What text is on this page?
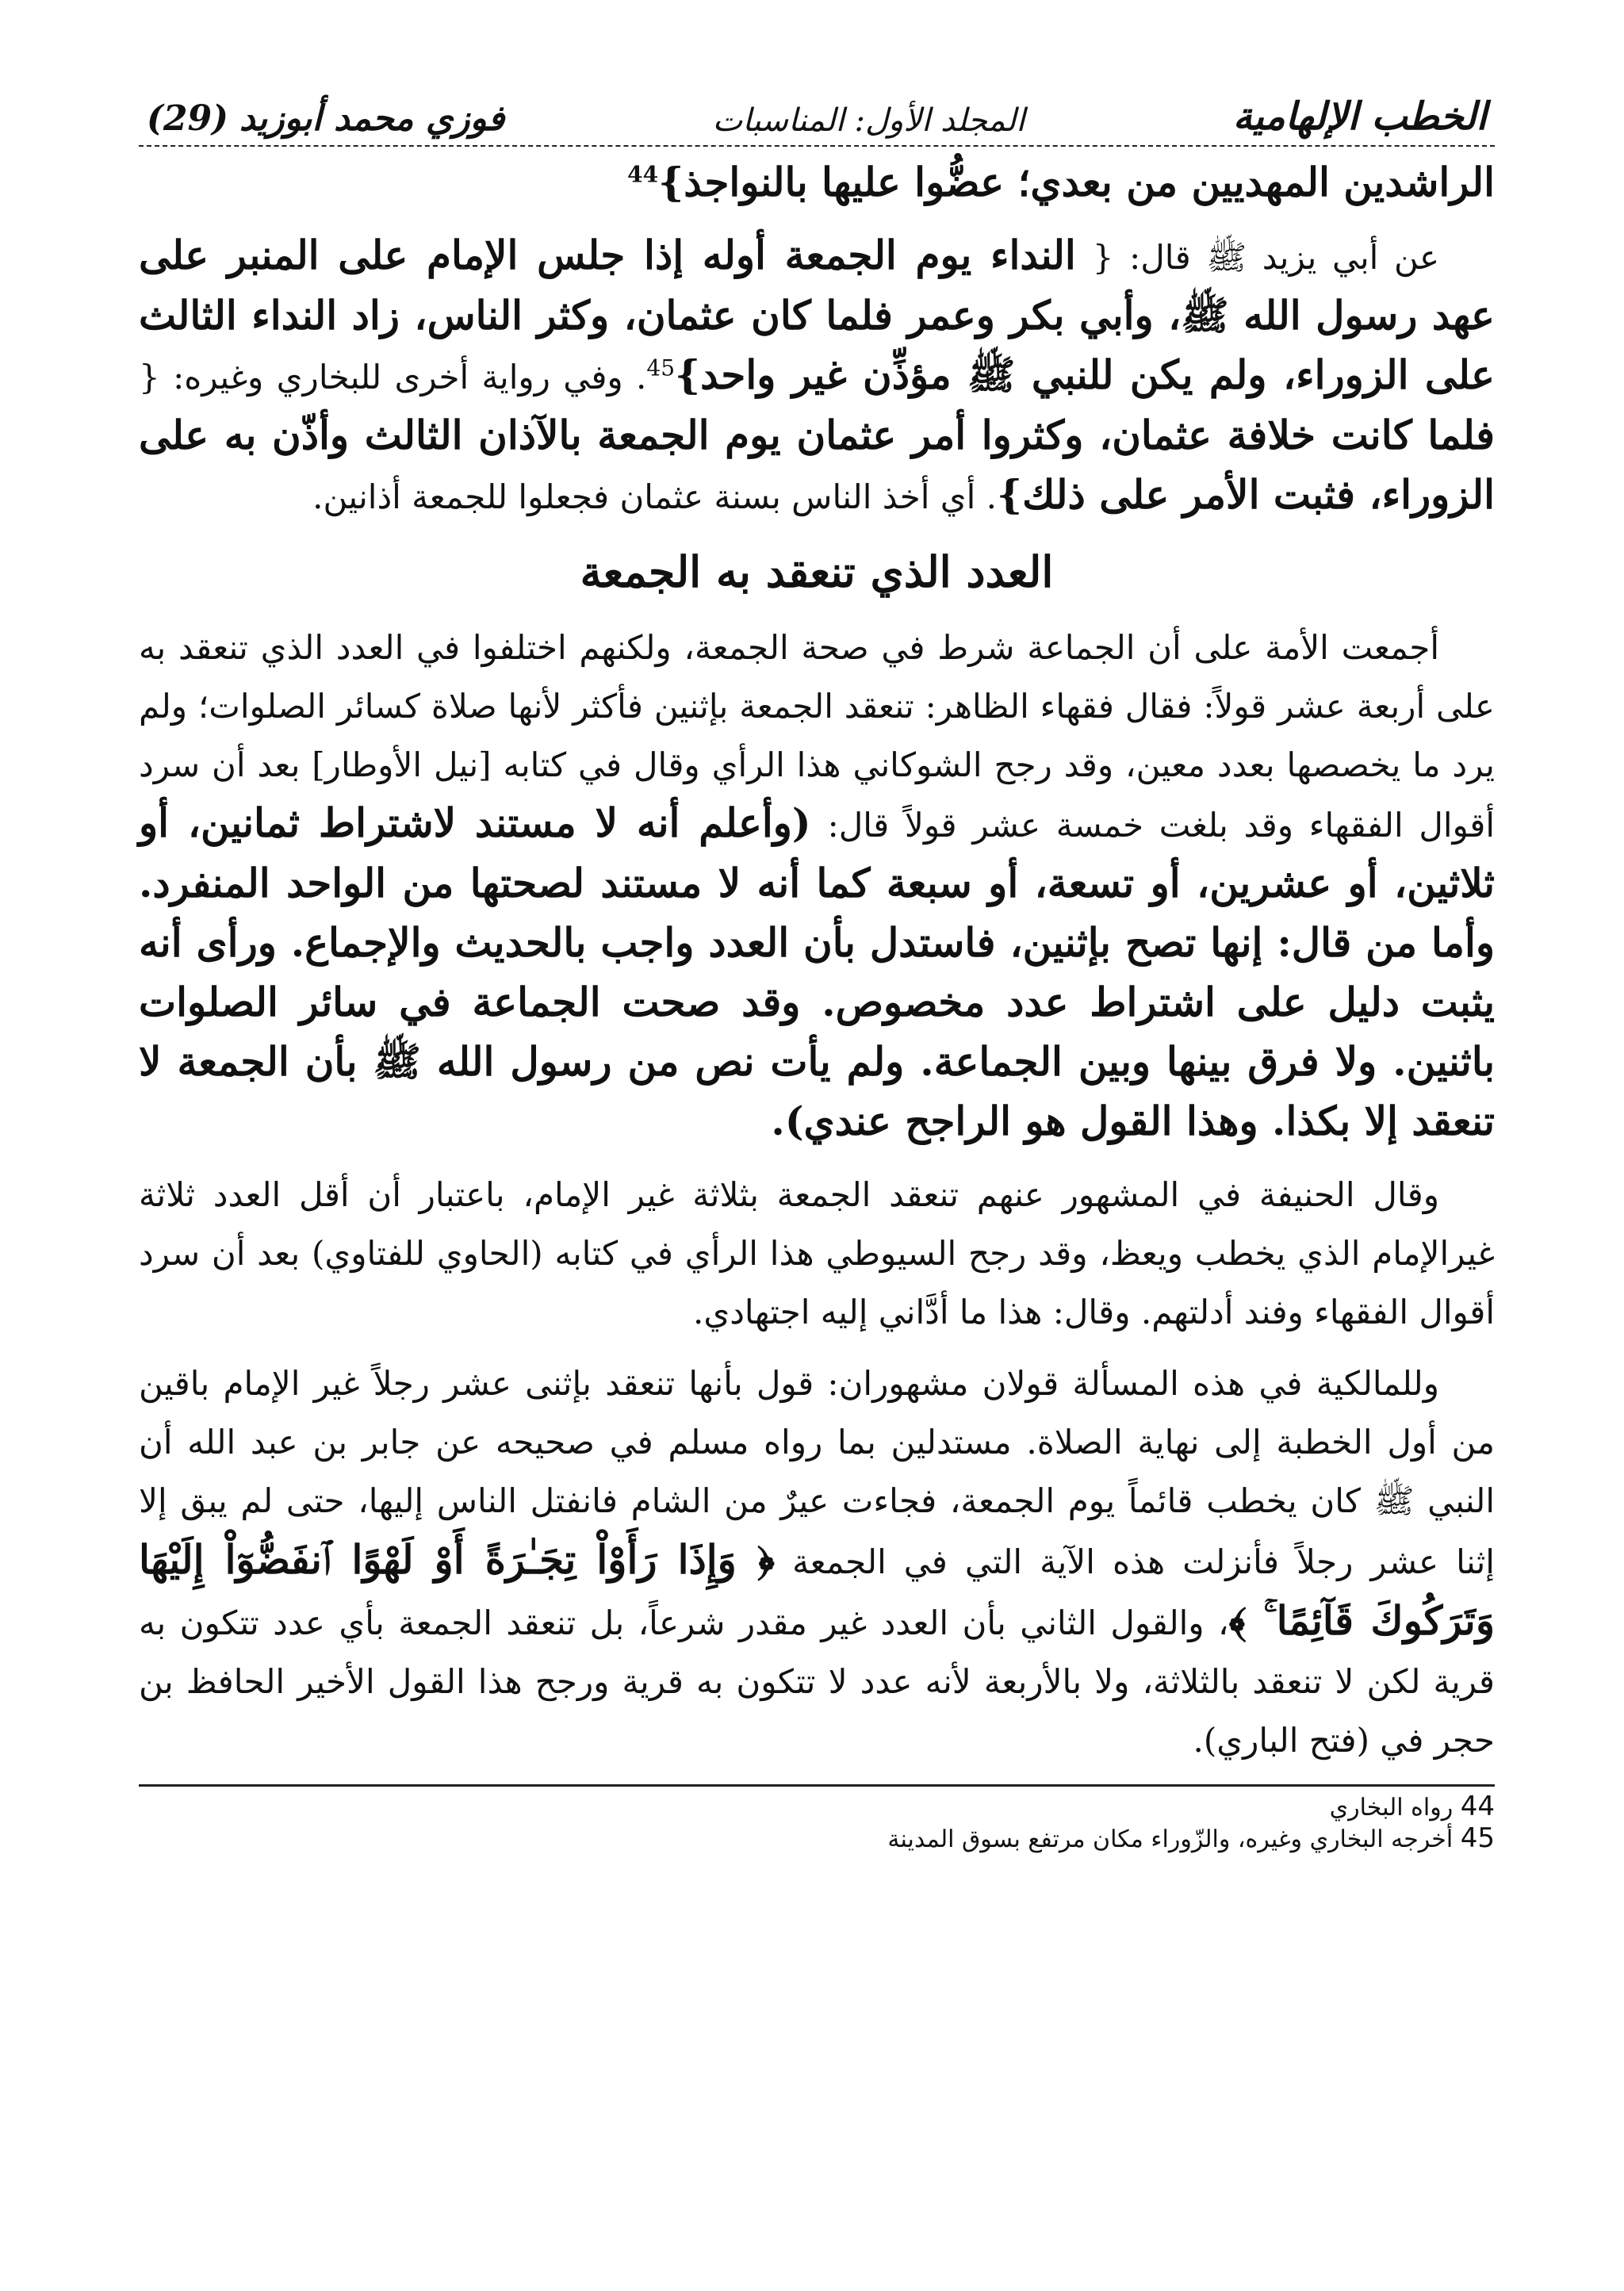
الخطب الإلهامية
المجلد الأول: المناسبات
فوزي محمد أبوزيد
(29)

الراشدين المهديين من بعدي؛ عضُّوا عليها بالنواجذ}$^{44}$

عن أبي يزيد ﷺ قال: { النداء يوم الجمعة أوله إذا جلس الإمام على المنبر على عهد رسول الله ﷺ، وأبي بكر وعمر فلما كان عثمان، وكثر الناس، زاد النداء الثالث على الزوراء، ولم يكن للنبي ﷺ مؤذِّن غير واحد}$^{45}$. وفي رواية أخرى للبخاري وغيره: { فلما كانت خلافة عثمان، وكثروا أمر عثمان يوم الجمعة بالآذان الثالث وأذّن به على الزوراء، فثبت الأمر على ذلك}. أي أخذ الناس بسنة عثمان فجعلوا للجمعة أذانين.

العدد الذي تنعقد به الجمعة

أجمعت الأمة على أن الجماعة شرط في صحة الجمعة، ولكنهم اختلفوا في العدد الذي تنعقد به على أربعة عشر قولاً: فقال فقهاء الظاهر: تنعقد الجمعة بإثنين فأكثر لأنها صلاة كسائر الصلوات؛ ولم يرد ما يخصصها بعدد معين، وقد رجح الشوكاني هذا الرأي وقال في كتابه [نيل الأوطار] بعد أن سرد أقوال الفقهاء وقد بلغت خمسة عشر قولاً قال: (وأعلم أنه لا مستند لاشتراط ثمانين، أو ثلاثين، أو عشرين، أو تسعة، أو سبعة كما أنه لا مستند لصحتها من الواحد المنفرد. وأما من قال: إنها تصح بإثنين، فاستدل بأن العدد واجب بالحديث والإجماع. ورأى أنه يثبت دليل على اشتراط عدد مخصوص. وقد صحت الجماعة في سائر الصلوات باثنين. ولا فرق بينها وبين الجماعة. ولم يأت نص من رسول الله ﷺ بأن الجمعة لا تنعقد إلا بكذا. وهذا القول هو الراجح عندي).

وقال الحنيفة في المشهور عنهم تنعقد الجمعة بثلاثة غير الإمام، باعتبار أن أقل العدد ثلاثة غيرالإمام الذي يخطب ويعظ، وقد رجح السيوطي هذا الرأي في كتابه (الحاوي للفتاوي) بعد أن سرد أقوال الفقهاء وفند أدلتهم. وقال: هذا ما أدَّاني إليه اجتهادي.

وللمالكية في هذه المسألة قولان مشهوران: قول بأنها تنعقد بإثنى عشر رجلاً غير الإمام باقين من أول الخطبة إلى نهاية الصلاة. مستدلين بما رواه مسلم في صحيحه عن جابر بن عبد الله أن النبي ﷺ كان يخطب قائماً يوم الجمعة، فجاءت عيرٌ من الشام فانفتل الناس إليها، حتى لم يبق إلا إثنا عشر رجلاً فأنزلت هذه الآية التي في الجمعة ﴿ وَإِذَا رَأَوْاْ تِجَـٰرَةً أَوْ لَهْوًا ٱنفَضُّوٓاْ إِلَيْهَا وَتَرَكُوكَ قَآئِمًا ۚ ﴾، والقول الثاني بأن العدد غير مقدر شرعاً، بل تنعقد الجمعة بأي عدد تتكون به قرية لكن لا تنعقد بالثلاثة، ولا بالأربعة لأنه عدد لا تتكون به قرية ورجح هذا القول الأخير الحافظ بن حجر في (فتح الباري).

44 رواه البخاري
45 أخرجه البخاري وغيره، والزّوراء مكان مرتفع بسوق المدينة
